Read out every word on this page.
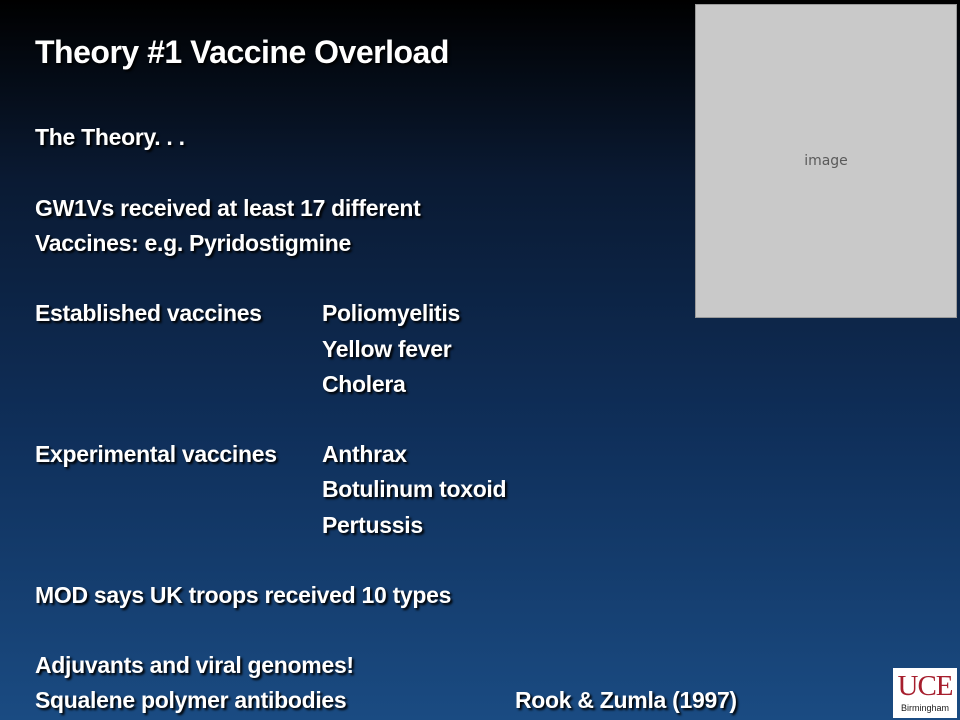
Theory #1 Vaccine Overload
The Theory. . .
GW1Vs received at least 17 different
Vaccines: e.g. Pyridostigmine
Established vaccines	Poliomyelitis
Yellow fever
Cholera
Experimental vaccines Anthrax
Botulinum toxoid
Pertussis
MOD says UK troops received 10 types
Adjuvants and viral genomes!
Squalene polymer antibodies	Rook & Zumla (1997)
image
UCE
Birmingham
